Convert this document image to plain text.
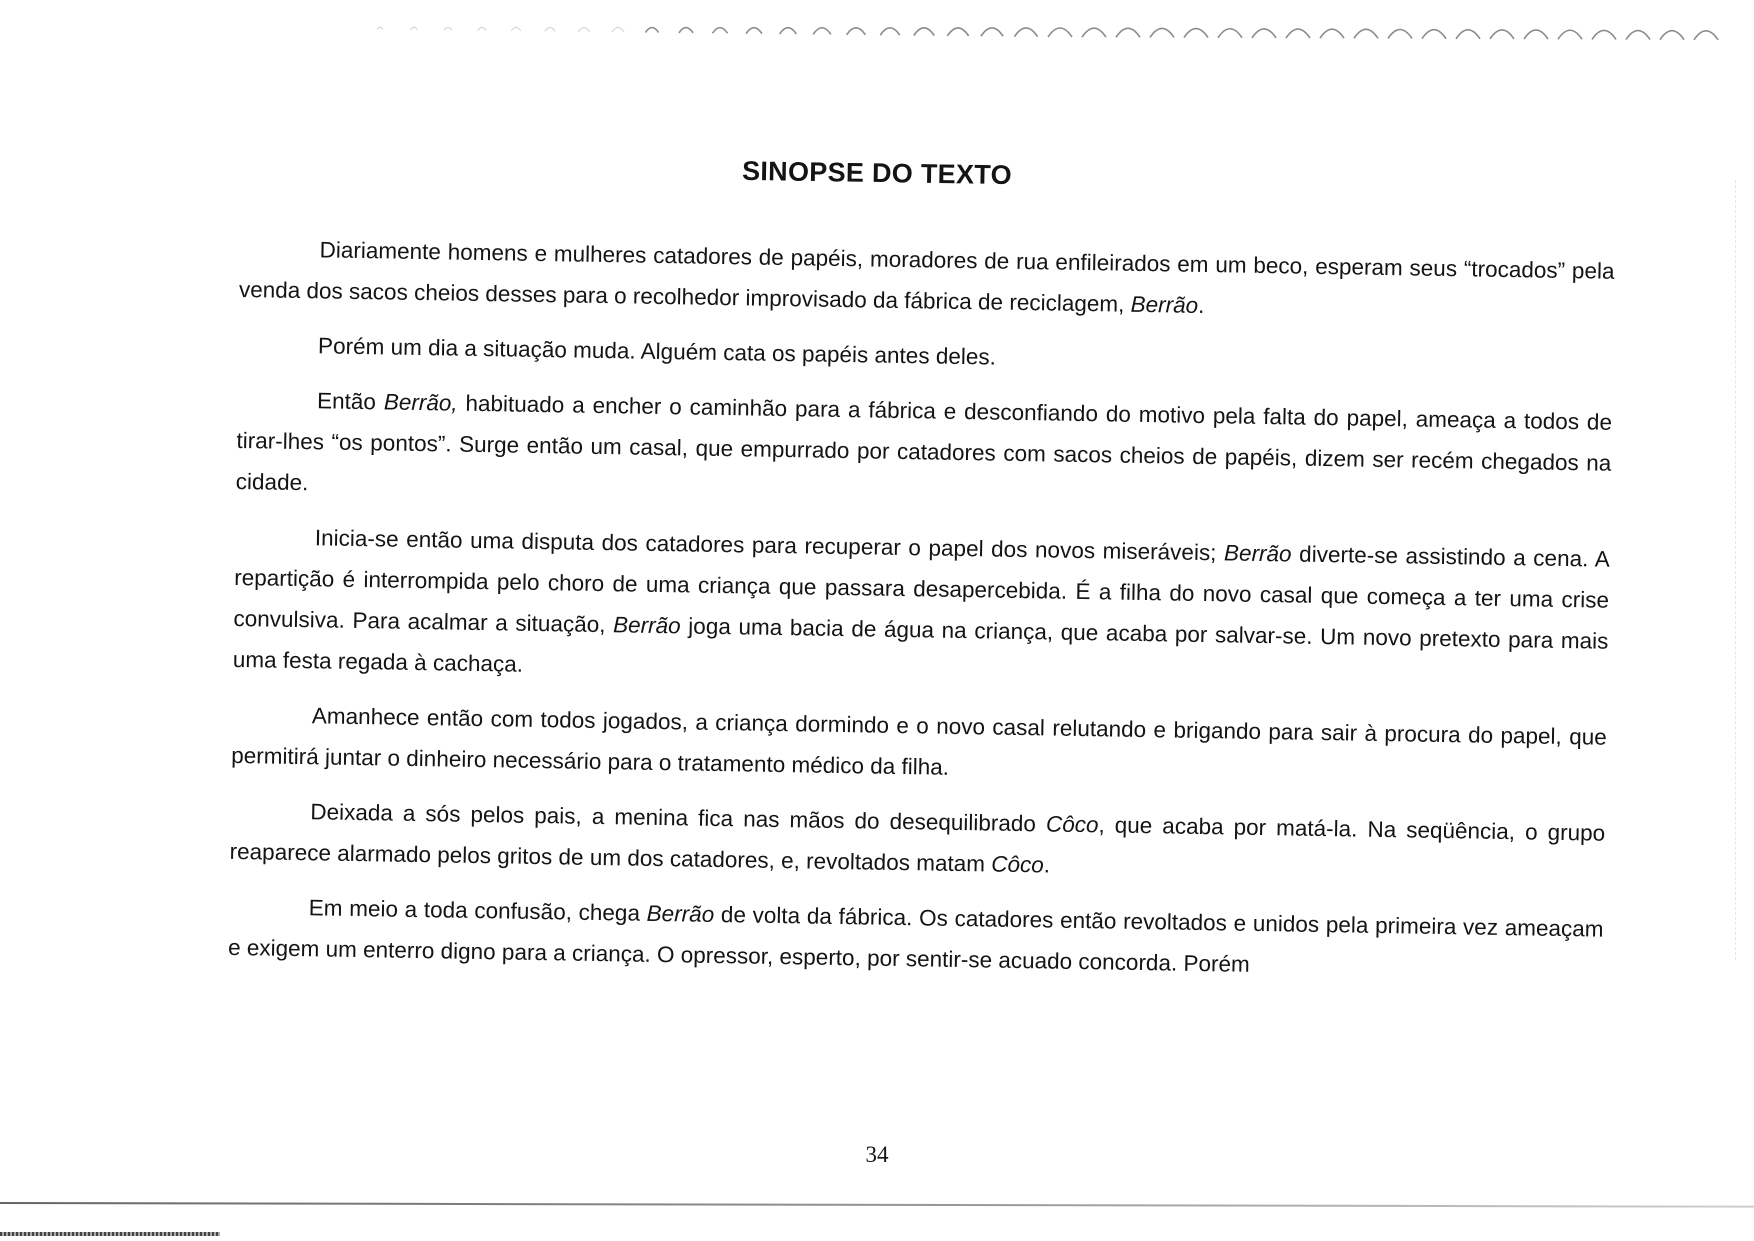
SINOPSE DO TEXTO

Diariamente homens e mulheres catadores de papéis, moradores de rua enfileirados em um beco, esperam seus “trocados” pela venda dos sacos cheios desses para o recolhedor improvisado da fábrica de reciclagem, Berrão.

Porém um dia a situação muda. Alguém cata os papéis antes deles.

Então Berrão, habituado a encher o caminhão para a fábrica e desconfiando do motivo pela falta do papel, ameaça a todos de tirar-lhes “os pontos”. Surge então um casal, que empurrado por catadores com sacos cheios de papéis, dizem ser recém chegados na cidade.

Inicia-se então uma disputa dos catadores para recuperar o papel dos novos miseráveis; Berrão diverte-se assistindo a cena. A repartição é interrompida pelo choro de uma criança que passara desapercebida. É a filha do novo casal que começa a ter uma crise convulsiva. Para acalmar a situação, Berrão joga uma bacia de água na criança, que acaba por salvar-se. Um novo pretexto para mais uma festa regada à cachaça.

Amanhece então com todos jogados, a criança dormindo e o novo casal relutando e brigando para sair à procura do papel, que permitirá juntar o dinheiro necessário para o tratamento médico da filha.

Deixada a sós pelos pais, a menina fica nas mãos do desequilibrado Côco, que acaba por matá-la. Na seqüência, o grupo reaparece alarmado pelos gritos de um dos catadores, e, revoltados matam Côco.

Em meio a toda confusão, chega Berrão de volta da fábrica. Os catadores então revoltados e unidos pela primeira vez ameaçam e exigem um enterro digno para a criança. O opressor, esperto, por sentir-se acuado concorda. Porém

34
